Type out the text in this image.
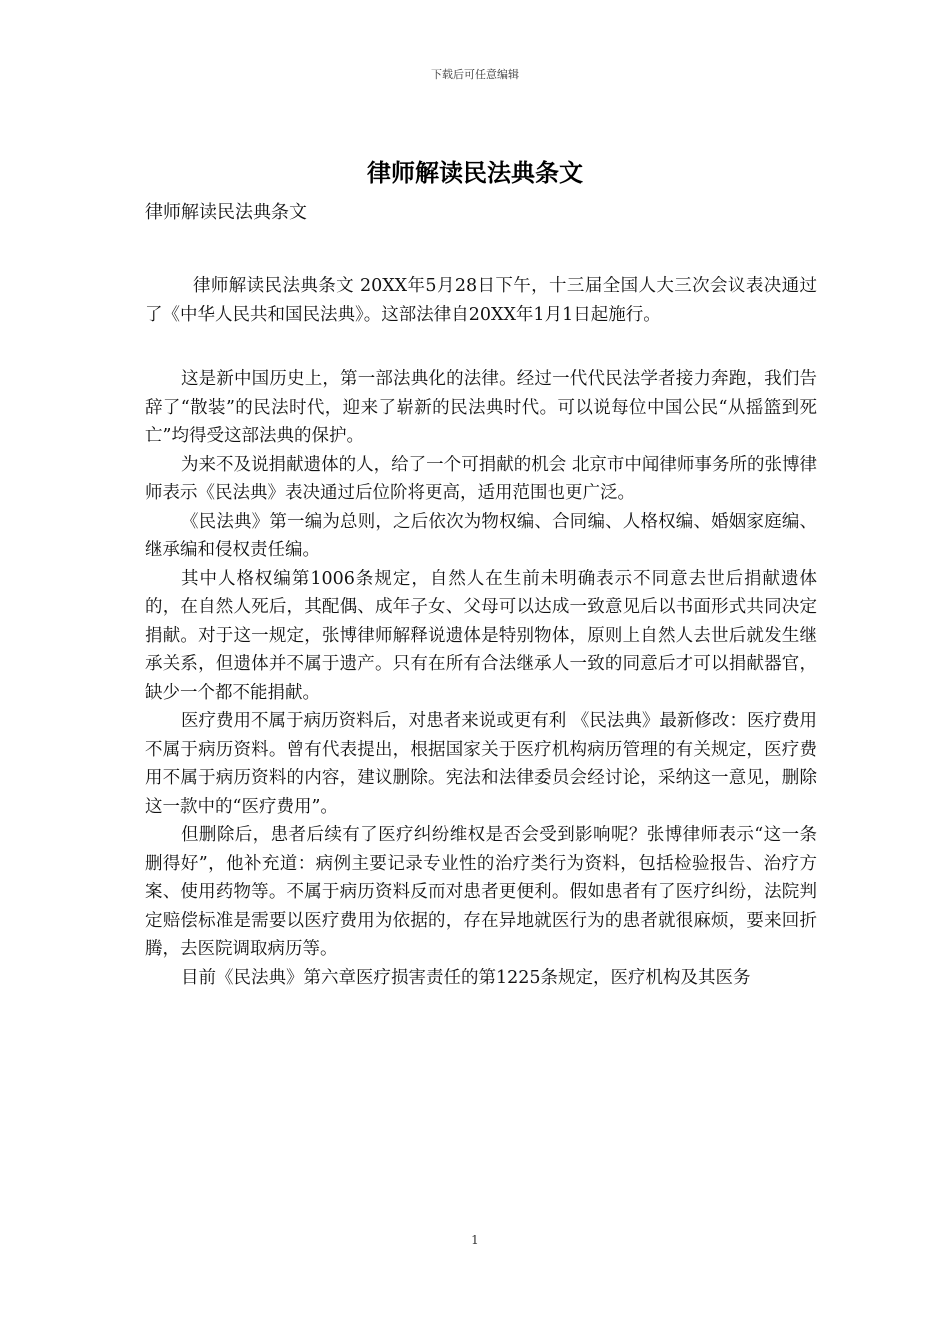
下载后可任意编辑
律师解读民法典条文

律师解读民法典条文

律师解读民法典条文 20XX年5月28日下午，十三届全国人大三次会议表决通过了《中华人民共和国民法典》。这部法律自20XX年1月1日起施行。

这是新中国历史上，第一部法典化的法律。经过一代代民法学者接力奔跑，我们告辞了“散装”的民法时代，迎来了崭新的民法典时代。可以说每位中国公民“从摇篮到死亡”均得受这部法典的保护。

为来不及说捐献遗体的人，给了一个可捐献的机会 北京市中闻律师事务所的张博律师表示《民法典》表决通过后位阶将更高，适用范围也更广泛。

《民法典》第一编为总则，之后依次为物权编、合同编、人格权编、婚姻家庭编、继承编和侵权责任编。

其中人格权编第1006条规定，自然人在生前未明确表示不同意去世后捐献遗体的，在自然人死后，其配偶、成年子女、父母可以达成一致意见后以书面形式共同决定捐献。对于这一规定，张博律师解释说遗体是特别物体，原则上自然人去世后就发生继承关系，但遗体并不属于遗产。只有在所有合法继承人一致的同意后才可以捐献器官，缺少一个都不能捐献。

医疗费用不属于病历资料后，对患者来说或更有利 《民法典》最新修改：医疗费用不属于病历资料。曾有代表提出，根据国家关于医疗机构病历管理的有关规定，医疗费用不属于病历资料的内容，建议删除。宪法和法律委员会经讨论，采纳这一意见，删除这一款中的“医疗费用”。

但删除后，患者后续有了医疗纠纷维权是否会受到影响呢？张博律师表示“这一条删得好”，他补充道：病例主要记录专业性的治疗类行为资料，包括检验报告、治疗方案、使用药物等。不属于病历资料反而对患者更便利。假如患者有了医疗纠纷，法院判定赔偿标准是需要以医疗费用为依据的，存在异地就医行为的患者就很麻烦，要来回折腾，去医院调取病历等。

目前《民法典》第六章医疗损害责任的第1225条规定，医疗机构及其医务

1
